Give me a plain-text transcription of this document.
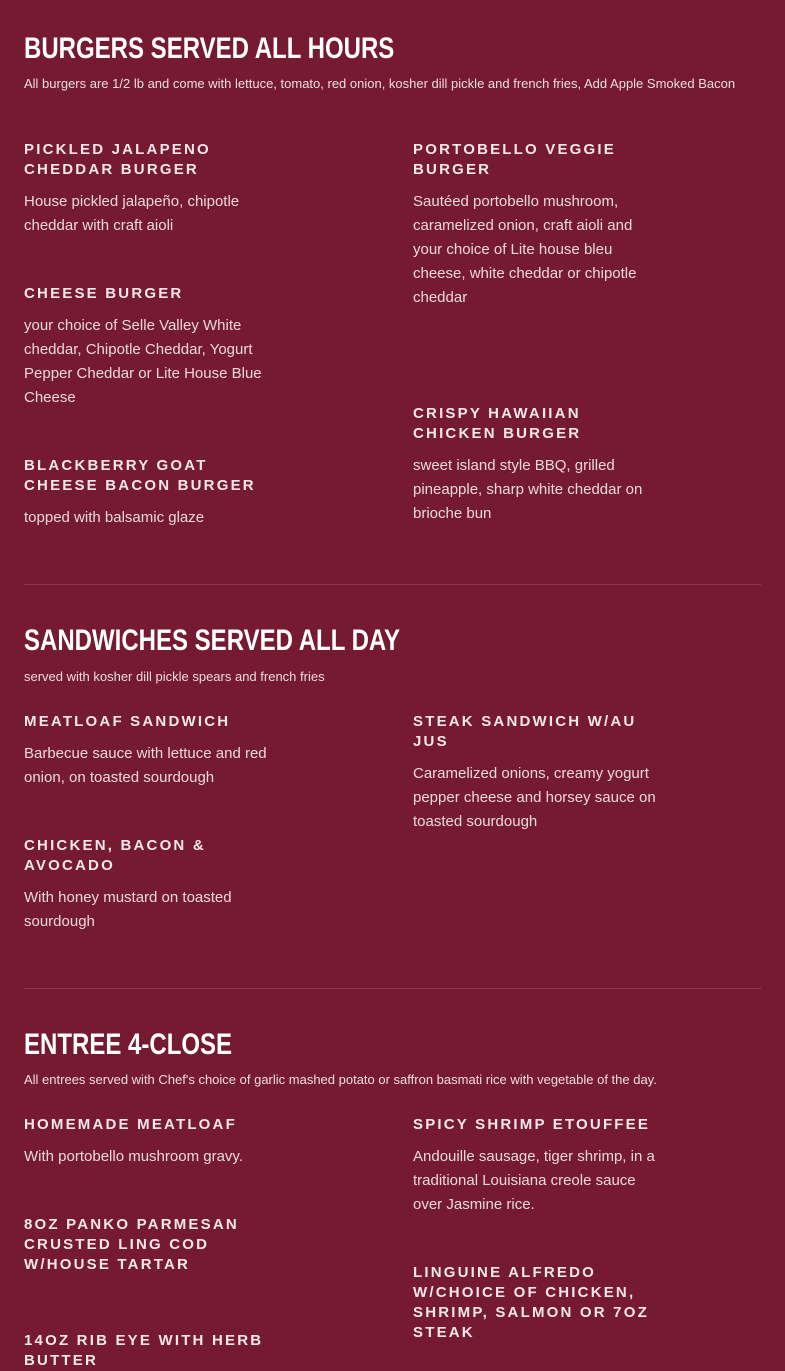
BURGERS SERVED ALL HOURS

All burgers are 1/2 lb and come with lettuce, tomato, red onion, kosher dill pickle and french fries, Add Apple Smoked Bacon

PICKLED JALAPENO
CHEDDAR BURGER

House pickled jalapeño, chipotle
cheddar with craft aioli

PORTOBELLO VEGGIE
BURGER

Sautéed portobello mushroom,
caramelized onion, craft aioli and
your choice of Lite house bleu
cheese, white cheddar or chipotle
cheddar

CHEESE BURGER

your choice of Selle Valley White
cheddar, Chipotle Cheddar, Yogurt
Pepper Cheddar or Lite House Blue
Cheese

CRISPY HAWAIIAN
CHICKEN BURGER

sweet island style BBQ, grilled
pineapple, sharp white cheddar on
brioche bun

BLACKBERRY GOAT
CHEESE BACON BURGER

topped with balsamic glaze

SANDWICHES SERVED ALL DAY

served with kosher dill pickle spears and french fries

MEATLOAF SANDWICH

Barbecue sauce with lettuce and red
onion, on toasted sourdough

STEAK SANDWICH W/AU
JUS

Caramelized onions, creamy yogurt
pepper cheese and horsey sauce on
toasted sourdough

CHICKEN, BACON &
AVOCADO

With honey mustard on toasted
sourdough

ENTREE 4-CLOSE

All entrees served with Chef's choice of garlic mashed potato or saffron basmati rice with vegetable of the day.

HOMEMADE MEATLOAF

With portobello mushroom gravy.

SPICY SHRIMP ETOUFFEE

Andouille sausage, tiger shrimp, in a
traditional Louisiana creole sauce
over Jasmine rice.

8OZ PANKO PARMESAN
CRUSTED LING COD
W/HOUSE TARTAR	LINGUINE ALFREDO
W/CHOICE OF CHICKEN,
SHRIMP, SALMON OR 7OZ
STEAK
14OZ RIB EYE WITH HERB
BUTTER
